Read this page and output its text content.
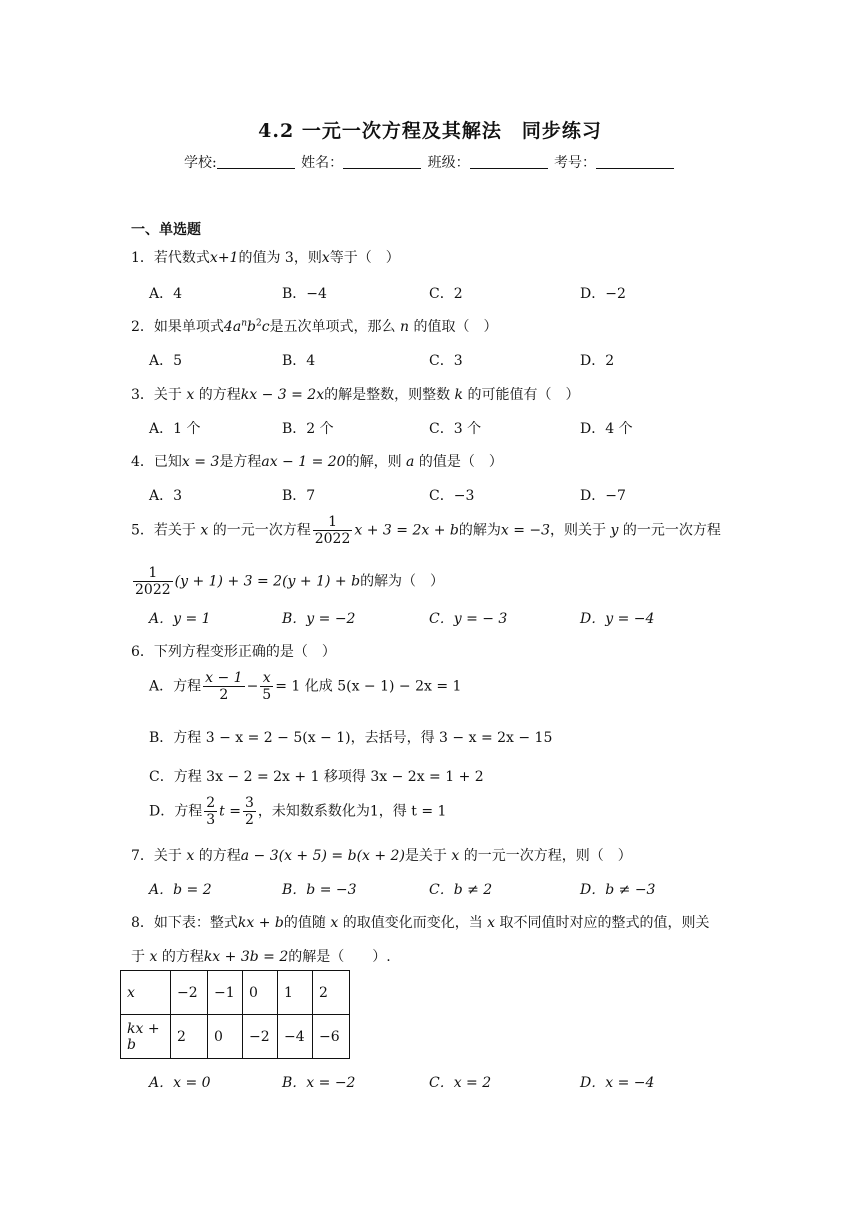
4.2 一元一次方程及其解法　同步练习
学校:	姓名：	班级：	考号：
一、单选题
1．若代数式x+1的值为 3，则x等于（　）
A．4	B．−4	C．2	D．−2
2．如果单项式$4a^nb^2c$是五次单项式，那么 n 的值取（　）
A．5	B．4	C．3	D．2
3．关于 x 的方程kx − 3 = 2x的解是整数，则整数 k 的可能值有（　）
A．1 个	B．2 个	C．3 个	D．4 个
4．已知x = 3是方程ax − 1 = 20的解，则 a 的值是（　）
A．3	B．7	C．−3	D．−7
5．若关于 x 的一元一次方程 $\frac{1}{2022}$ x + 3 = 2x + b的解为x = −3，则关于 y 的一元一次方程
$\frac{1}{2022} (y + 1) + 3 = 2(y + 1) + b$的解为（　）
A．y = 1	B．y = −2	C．y = − 3	D．y = −4
6．下列方程变形正确的是（　）
A．方程 $\frac{x - 1}{2} - \frac{x}{5} = 1$ 化成 5(x − 1) − 2x = 1
B．方程 3 − x = 2 − 5(x − 1)，去括号，得 3 − x = 2x − 15
C．方程 3x − 2 = 2x + 1 移项得 3x − 2x = 1 + 2
D．方程 $\frac{2}{3}$ $t = \frac{3}{2}$ ，未知数系数化为1，得 t = 1
7．关于 x 的方程a − 3(x + 5) = b(x + 2)是关于 x 的一元一次方程，则（　）
A．b = 2	B．b = −3	C．b ≠ 2	D．b ≠ −3
8．如下表：整式kx + b的值随 x 的取值变化而变化，当 x 取不同值时对应的整式的值，则关
于 x 的方程kx + 3b = 2的解是（　　）.
x	−2	−1	0	1	2
kx + b	2	0	−2	−4	−6
A．x = 0	B．x = −2	C．x = 2	D．x = −4
